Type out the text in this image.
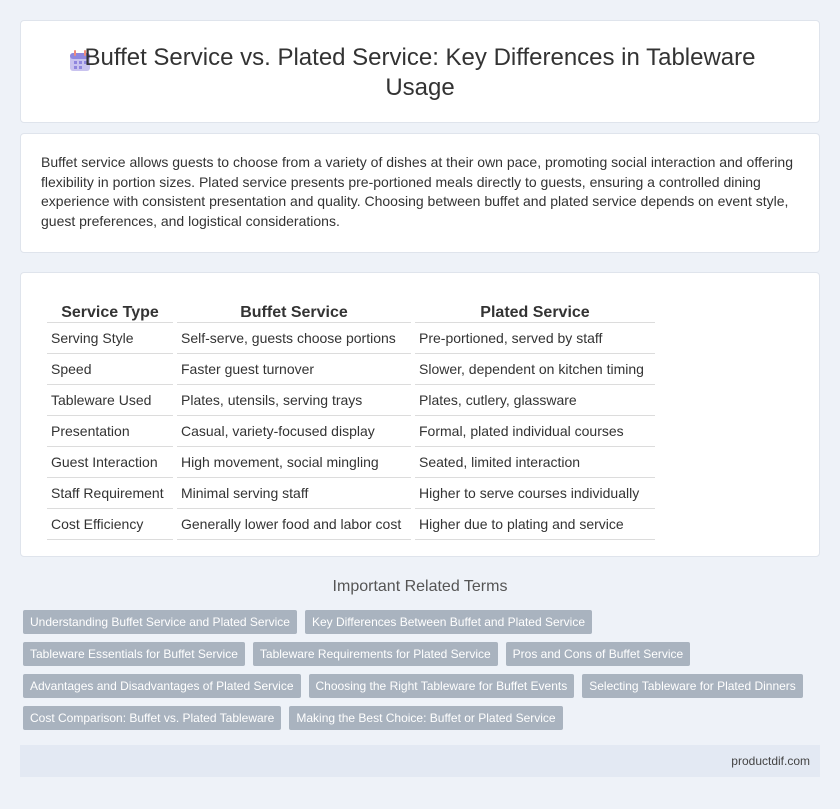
Buffet Service vs. Plated Service: Key Differences in Tableware Usage

Buffet service allows guests to choose from a variety of dishes at their own pace, promoting social interaction and offering flexibility in portion sizes. Plated service presents pre-portioned meals directly to guests, ensuring a controlled dining experience with consistent presentation and quality. Choosing between buffet and plated service depends on event style, guest preferences, and logistical considerations.

Service Type	Buffet Service	Plated Service
Serving Style	Self-serve, guests choose portions	Pre-portioned, served by staff
Speed	Faster guest turnover	Slower, dependent on kitchen timing
Tableware Used	Plates, utensils, serving trays	Plates, cutlery, glassware
Presentation	Casual, variety-focused display	Formal, plated individual courses
Guest Interaction	High movement, social mingling	Seated, limited interaction
Staff Requirement	Minimal serving staff	Higher to serve courses individually
Cost Efficiency	Generally lower food and labor cost	Higher due to plating and service
Important Related Terms
Understanding Buffet Service and Plated Service	Key Differences Between Buffet and Plated Service
Tableware Essentials for Buffet Service	Tableware Requirements for Plated Service	Pros and Cons of Buffet Service
Advantages and Disadvantages of Plated Service	Choosing the Right Tableware for Buffet Events	Selecting Tableware for Plated Dinners
Cost Comparison: Buffet vs. Plated Tableware	Making the Best Choice: Buffet or Plated Service
productdif.com
